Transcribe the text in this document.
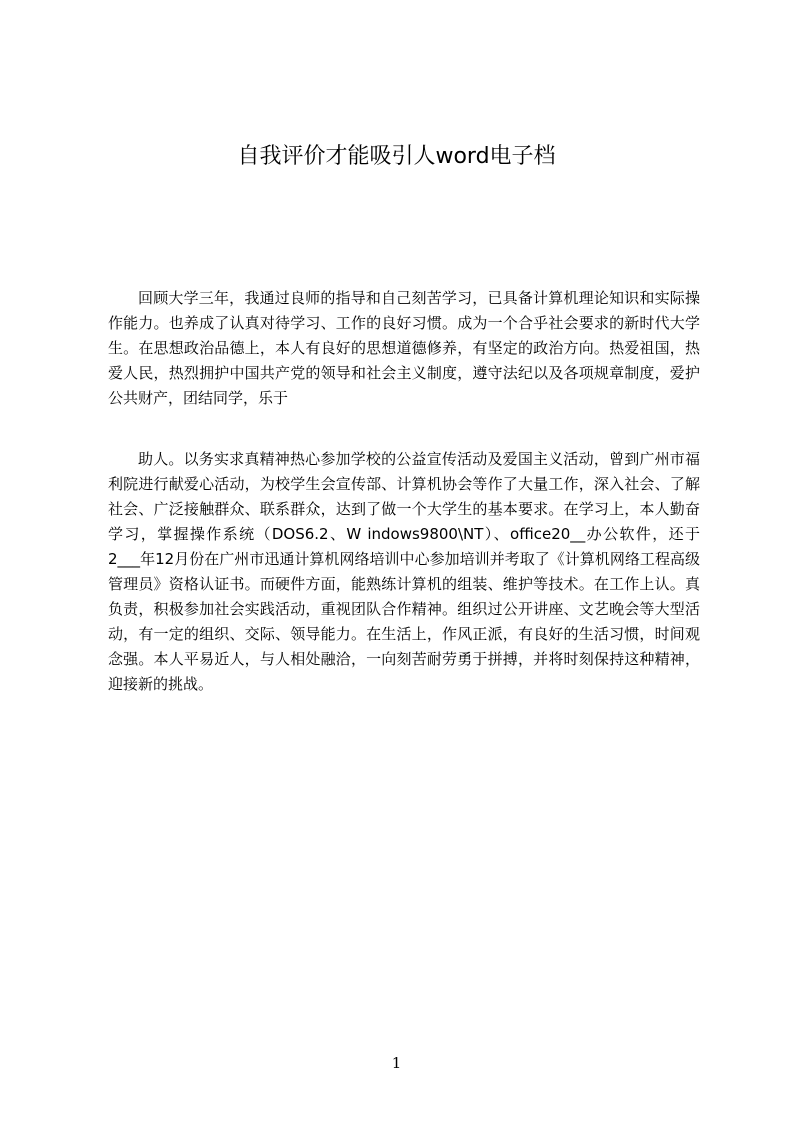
自我评价才能吸引人word电子档

回顾大学三年，我通过良师的指导和自己刻苦学习，已具备计算机理论知识和实际操作能力。也养成了认真对待学习、工作的良好习惯。成为一个合乎社会要求的新时代大学生。在思想政治品德上，本人有良好的思想道德修养，有坚定的政治方向。热爱祖国，热爱人民，热烈拥护中国共产党的领导和社会主义制度，遵守法纪以及各项规章制度，爱护公共财产，团结同学，乐于

助人。以务实求真精神热心参加学校的公益宣传活动及爱国主义活动，曾到广州市福利院进行献爱心活动，为校学生会宣传部、计算机协会等作了大量工作，深入社会、了解社会、广泛接触群众、联系群众，达到了做一个大学生的基本要求。在学习上，本人勤奋学习，掌握操作系统（DOS6.2、W indows9800\NT）、office20__办公软件，还于2___年12月份在广州市迅通计算机网络培训中心参加培训并考取了《计算机网络工程高级管理员》资格认证书。而硬件方面，能熟练计算机的组装、维护等技术。在工作上认。真负责，积极参加社会实践活动，重视团队合作精神。组织过公开讲座、文艺晚会等大型活动，有一定的组织、交际、领导能力。在生活上，作风正派，有良好的生活习惯，时间观念强。本人平易近人，与人相处融洽，一向刻苦耐劳勇于拼搏，并将时刻保持这种精神，迎接新的挑战。

1
